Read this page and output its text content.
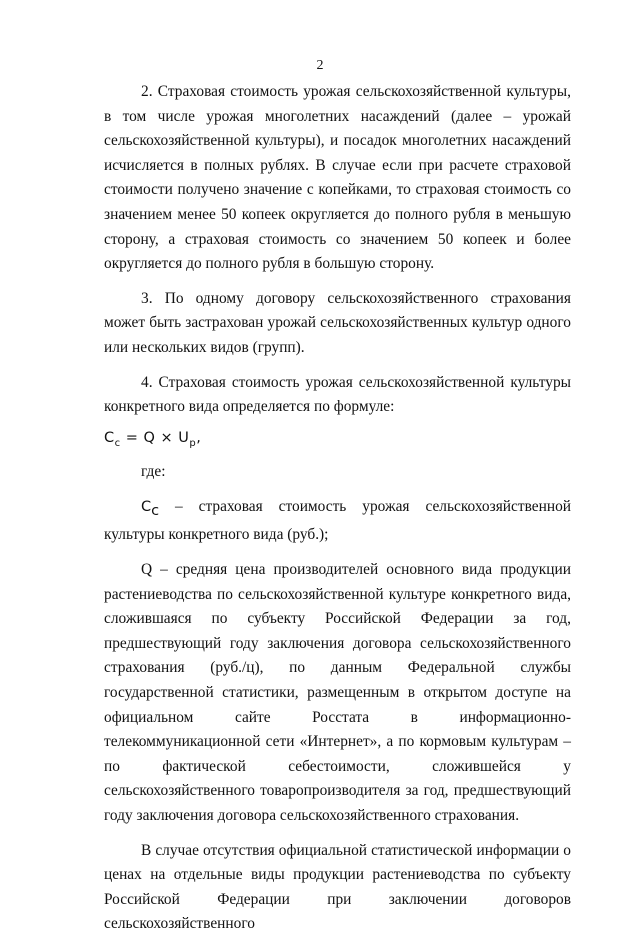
2

2. Страховая стоимость урожая сельскохозяйственной культуры, в том числе урожая многолетних насаждений (далее – урожай сельскохозяйственной культуры), и посадок многолетних насаждений исчисляется в полных рублях. В случае если при расчете страховой стоимости получено значение с копейками, то страховая стоимость со значением менее 50 копеек округляется до полного рубля в меньшую сторону, а страховая стоимость со значением 50 копеек и более округляется до полного рубля в большую сторону.

3. По одному договору сельскохозяйственного страхования может быть застрахован урожай сельскохозяйственных культур одного или нескольких видов (групп).

4. Страховая стоимость урожая сельскохозяйственной культуры конкретного вида определяется по формуле:

$C_c = Q \times U_p$,

где:

$C_c$ – страховая стоимость урожая сельскохозяйственной культуры конкретного вида (руб.);

Q – средняя цена производителей основного вида продукции растениеводства по сельскохозяйственной культуре конкретного вида, сложившаяся по субъекту Российской Федерации за год, предшествующий году заключения договора сельскохозяйственного страхования (руб./ц), по данным Федеральной службы государственной статистики, размещенным в открытом доступе на официальном сайте Росстата в информационно-телекоммуникационной сети «Интернет», а по кормовым культурам – по фактической себестоимости, сложившейся у сельскохозяйственного товаропроизводителя за год, предшествующий году заключения договора сельскохозяйственного страхования.

В случае отсутствия официальной статистической информации о ценах на отдельные виды продукции растениеводства по субъекту Российской Федерации при заключении договоров сельскохозяйственного
